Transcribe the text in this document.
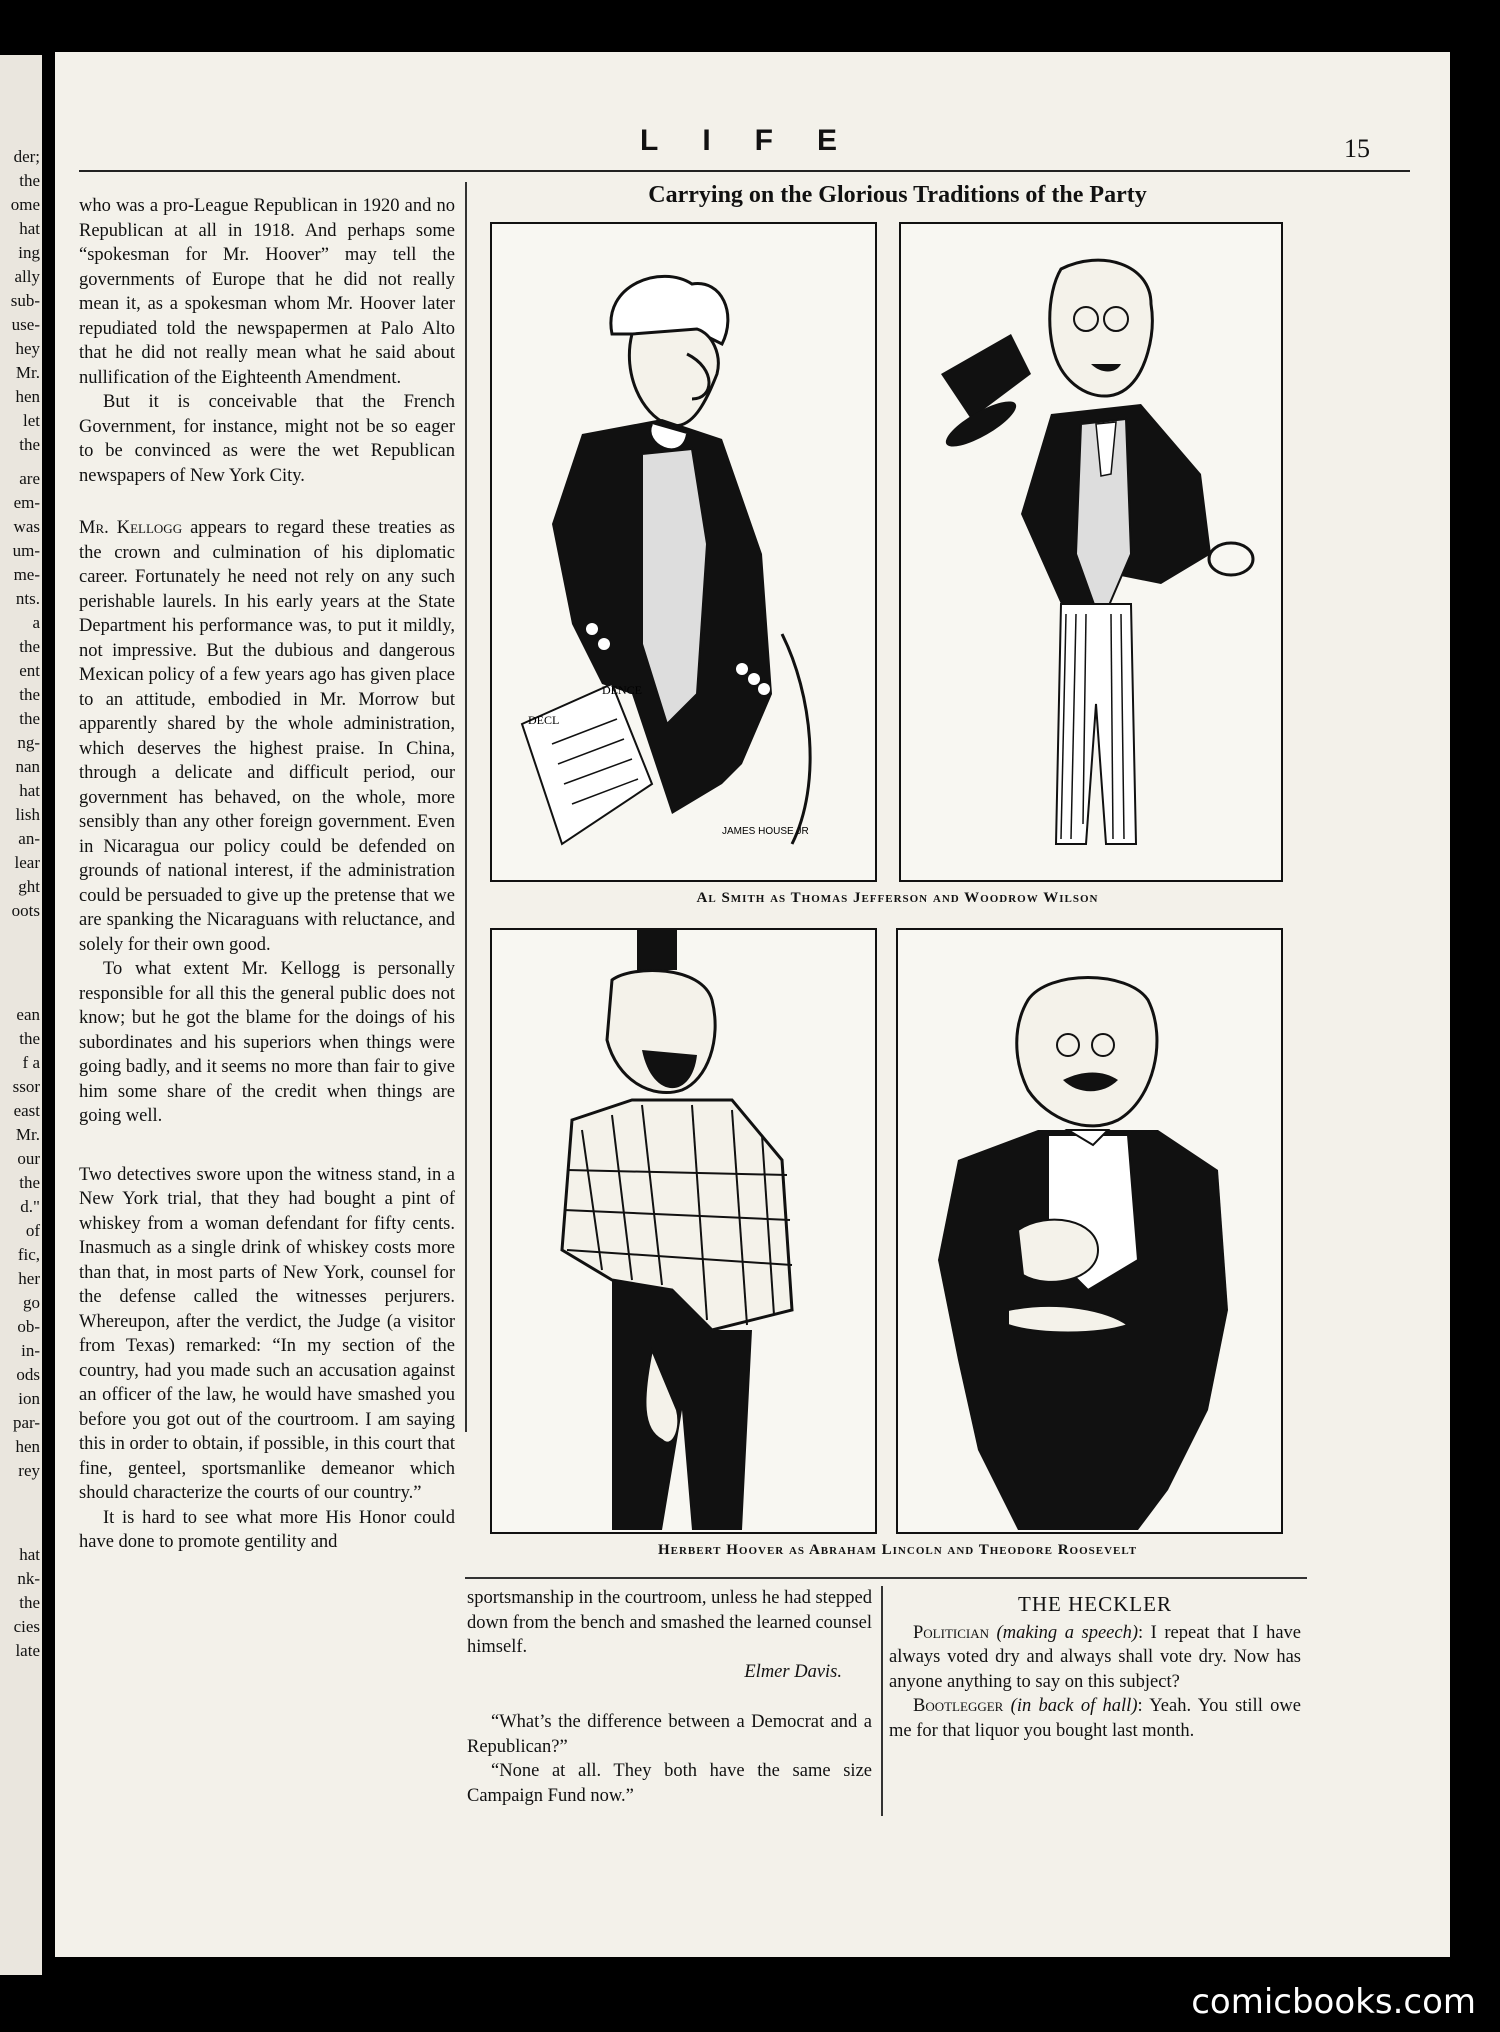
der;
the
ome
hat
ing
ally
sub-
use-
hey
Mr.
hen
let
the
are
em-
was
um-
me-
nts.
a
the
ent
the
the
ng-
nan
hat
lish
an-
lear
ght
oots
ean
the
f a
ssor
east
Mr.
our
the
d."
of
fic,
her
go
ob-
in-
ods
ion
par-
hen
rey
hat
nk-
the
cies
late
LIFE	15

who was a pro-League Republican in 1920 and no Republican at all in 1918. And perhaps some “spokesman for Mr. Hoover” may tell the governments of Europe that he did not really mean it, as a spokesman whom Mr. Hoover later repudiated told the newspapermen at Palo Alto that he did not really mean what he said about nullification of the Eighteenth Amendment.

But it is conceivable that the French Government, for instance, might not be so eager to be convinced as were the wet Republican newspapers of New York City.

Mr. Kellogg appears to regard these treaties as the crown and culmination of his diplomatic career. Fortunately he need not rely on any such perishable laurels. In his early years at the State Department his performance was, to put it mildly, not impressive. But the dubious and dangerous Mexican policy of a few years ago has given place to an attitude, embodied in Mr. Morrow but apparently shared by the whole administration, which deserves the highest praise. In China, through a delicate and difficult period, our government has behaved, on the whole, more sensibly than any other foreign government. Even in Nicaragua our policy could be defended on grounds of national interest, if the administration could be persuaded to give up the pretense that we are spanking the Nicaraguans with reluctance, and solely for their own good.

To what extent Mr. Kellogg is personally responsible for all this the general public does not know; but he got the blame for the doings of his subordinates and his superiors when things were going badly, and it seems no more than fair to give him some share of the credit when things are going well.

Two detectives swore upon the witness stand, in a New York trial, that they had bought a pint of whiskey from a woman defendant for fifty cents. Inasmuch as a single drink of whiskey costs more than that, in most parts of New York, counsel for the defense called the witnesses perjurers. Whereupon, after the verdict, the Judge (a visitor from Texas) remarked: “In my section of the country, had you made such an accusation against an officer of the law, he would have smashed you before you got out of the courtroom. I am saying this in order to obtain, if possible, in this court that fine, genteel, sportsmanlike demeanor which should characterize the courts of our country.”

It is hard to see what more His Honor could have done to promote gentility and

Carrying on the Glorious Traditions of the Party
DECL
DENCE
JAMES HOUSE JR
Al Smith as Thomas Jefferson and Woodrow Wilson
Herbert Hoover as Abraham Lincoln and Theodore Roosevelt

sportsmanship in the courtroom, unless he had stepped down from the bench and smashed the learned counsel himself.

Elmer Davis.

“What’s the difference between a Democrat and a Republican?”

“None at all. They both have the same size Campaign Fund now.”

THE HECKLER

Politician (making a speech): I repeat that I have always voted dry and always shall vote dry. Now has anyone anything to say on this subject?

Bootlegger (in back of hall): Yeah. You still owe me for that liquor you bought last month.

comicbooks.com
